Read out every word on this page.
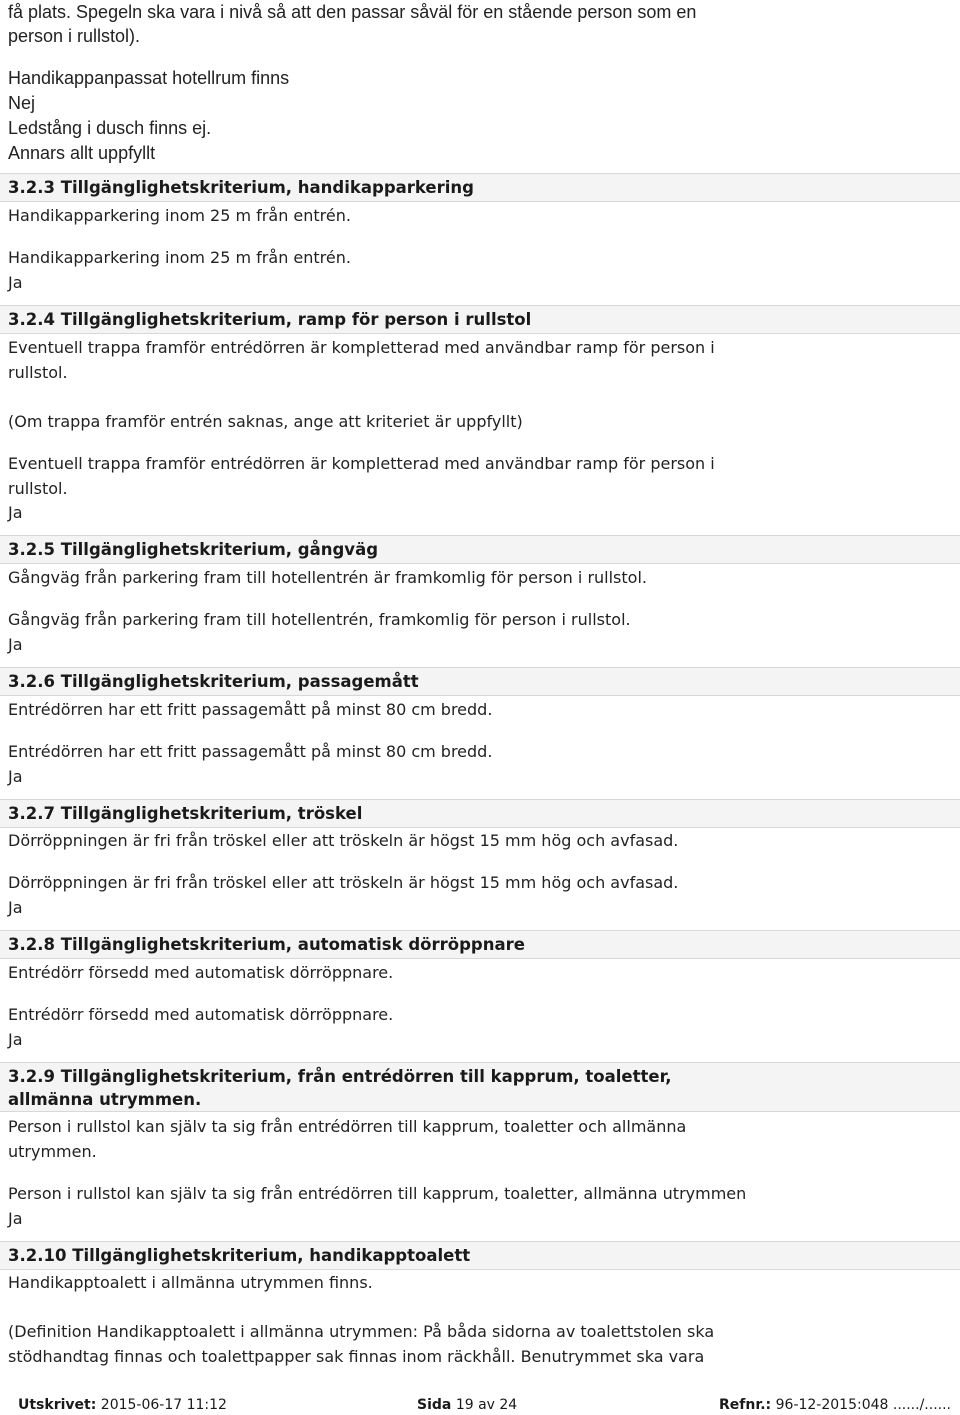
få plats. Spegeln ska vara i nivå så att den passar såväl för en stående person som en
person i rullstol).
Handikappanpassat hotellrum finns
Nej
Ledstång i dusch finns ej.
Annars allt uppfyllt
3.2.3 Tillgänglighetskriterium, handikapparkering
Handikapparkering inom 25 m från entrén.
Handikapparkering inom 25 m från entrén.
Ja
3.2.4 Tillgänglighetskriterium, ramp för person i rullstol
Eventuell trappa framför entrédörren är kompletterad med användbar ramp för person i
rullstol.
(Om trappa framför entrén saknas, ange att kriteriet är uppfyllt)
Eventuell trappa framför entrédörren är kompletterad med användbar ramp för person i
rullstol.
Ja
3.2.5 Tillgänglighetskriterium, gångväg
Gångväg från parkering fram till hotellentrén är framkomlig för person i rullstol.
Gångväg från parkering fram till hotellentrén, framkomlig för person i rullstol.
Ja
3.2.6 Tillgänglighetskriterium, passagemått
Entrédörren har ett fritt passagemått på minst 80 cm bredd.
Entrédörren har ett fritt passagemått på minst 80 cm bredd.
Ja
3.2.7 Tillgänglighetskriterium, tröskel
Dörröppningen är fri från tröskel eller att tröskeln är högst 15 mm hög och avfasad.
Dörröppningen är fri från tröskel eller att tröskeln är högst 15 mm hög och avfasad.
Ja
3.2.8 Tillgänglighetskriterium, automatisk dörröppnare
Entrédörr försedd med automatisk dörröppnare.
Entrédörr försedd med automatisk dörröppnare.
Ja
3.2.9 Tillgänglighetskriterium, från entrédörren till kapprum, toaletter,
allmänna utrymmen.
Person i rullstol kan själv ta sig från entrédörren till kapprum, toaletter och allmänna
utrymmen.
Person i rullstol kan själv ta sig från entrédörren till kapprum, toaletter, allmänna utrymmen
Ja
3.2.10 Tillgänglighetskriterium, handikapptoalett
Handikapptoalett i allmänna utrymmen finns.
(Definition Handikapptoalett i allmänna utrymmen: På båda sidorna av toalettstolen ska
stödhandtag finnas och toalettpapper sak finnas inom räckhåll. Benutrymmet ska vara
Utskrivet: 2015-06-17 11:12	Sida 19 av 24	Refnr.: 96-12-2015:048 ....../......
